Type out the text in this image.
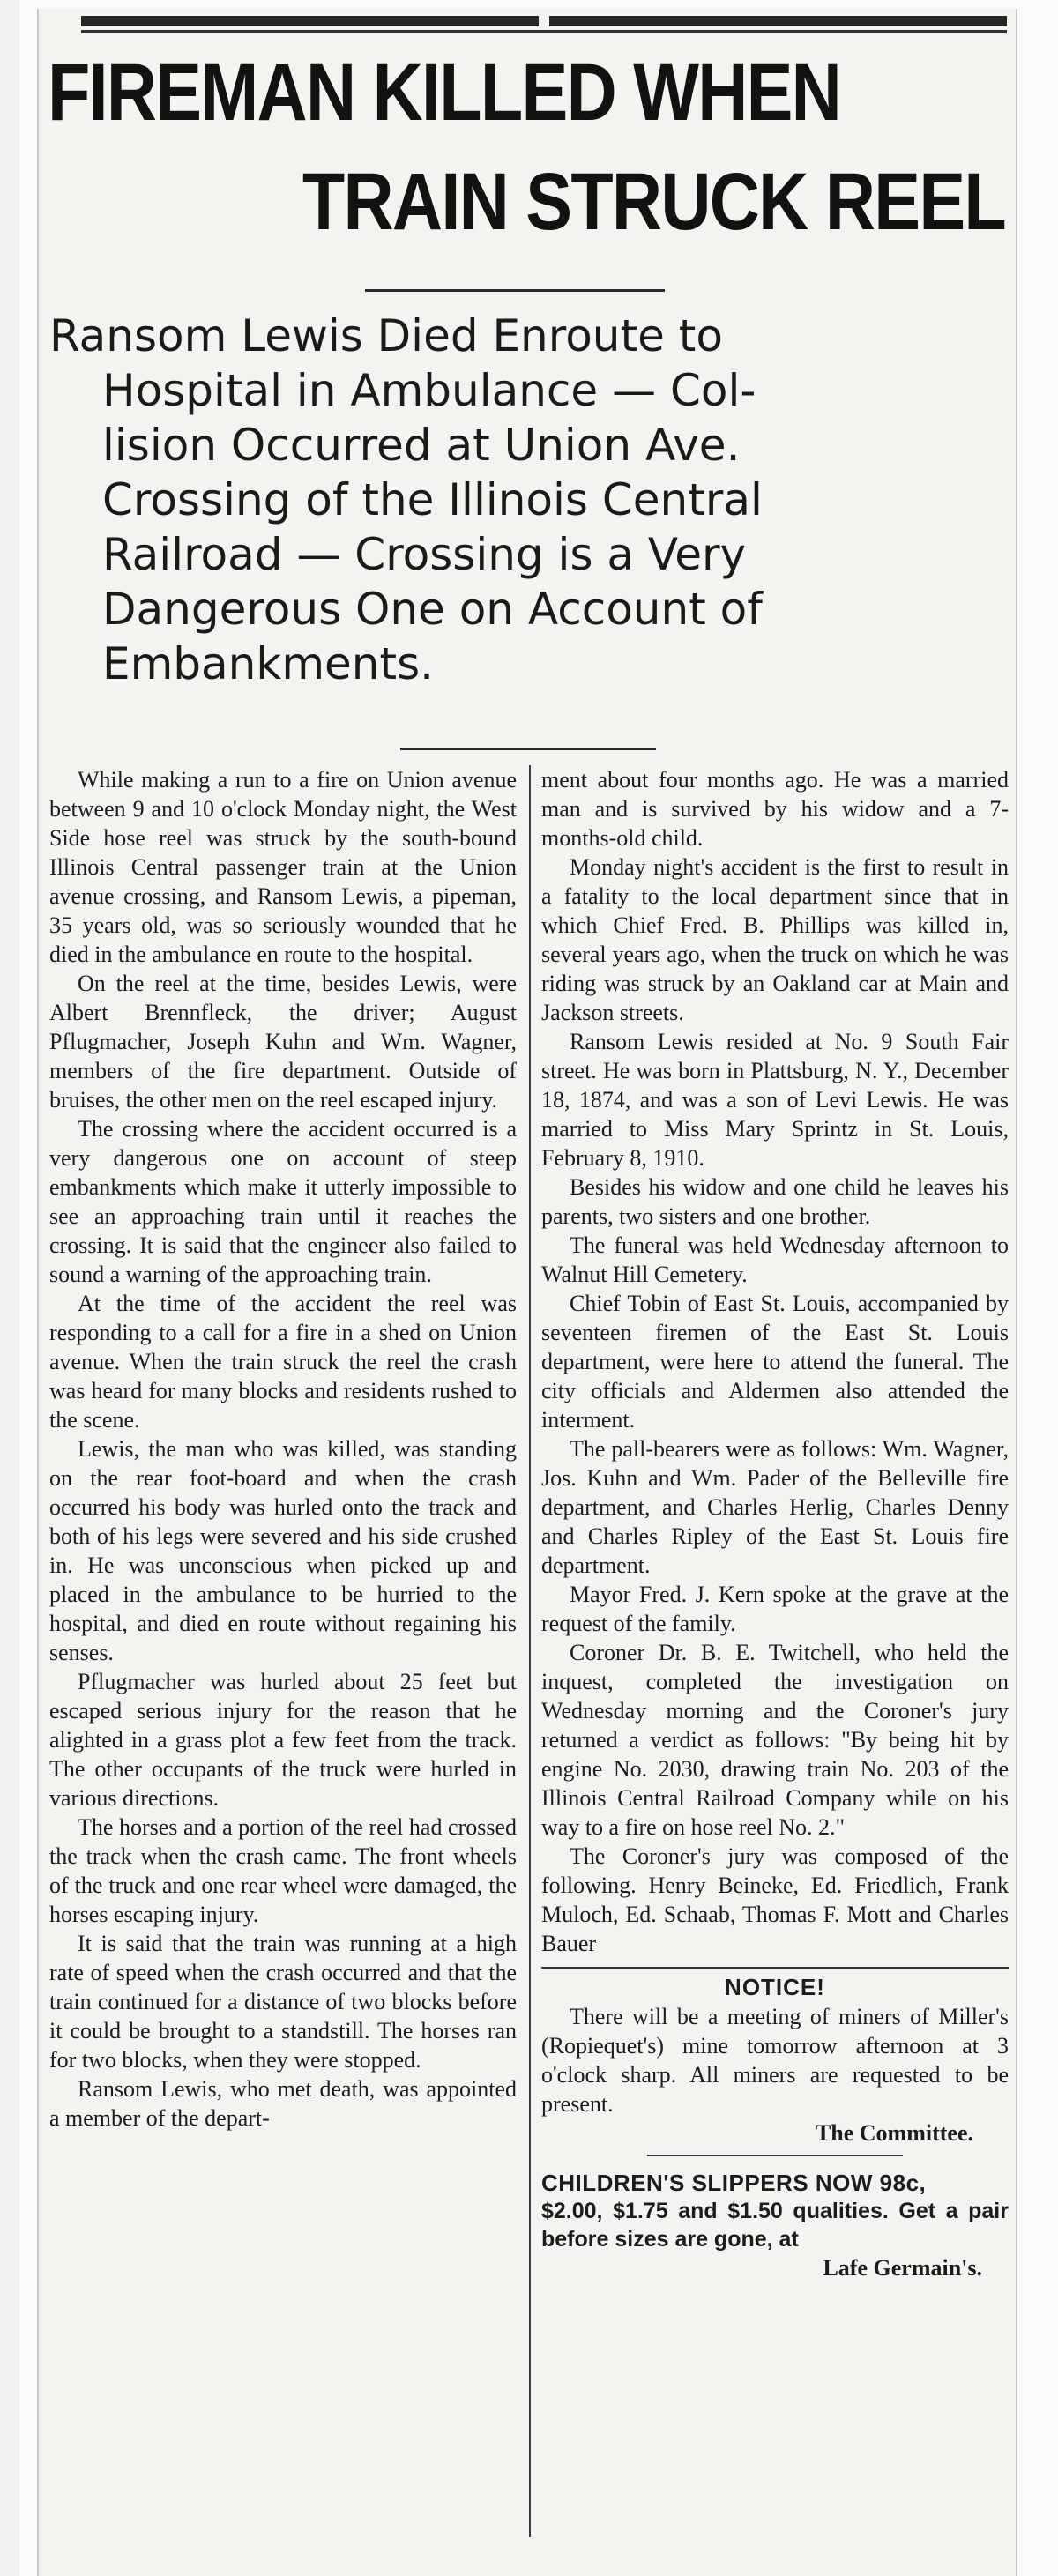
FIREMAN KILLED WHEN
TRAIN STRUCK REEL
Ransom Lewis Died Enroute to
Hospital in Ambulance — Col-
lision Occurred at Union Ave.
Crossing of the Illinois Central
Railroad — Crossing is a Very
Dangerous One on Account of
Embankments.

While making a run to a fire on Union avenue between 9 and 10 o'clock Monday night, the West Side hose reel was struck by the south-bound Illinois Central passenger train at the Union avenue crossing, and Ransom Lewis, a pipeman, 35 years old, was so seriously wounded that he died in the ambulance en route to the hospital.

On the reel at the time, besides Lewis, were Albert Brennfleck, the driver; August Pflugmacher, Joseph Kuhn and Wm. Wagner, members of the fire department. Outside of bruises, the other men on the reel escaped injury.

The crossing where the accident occurred is a very dangerous one on account of steep embankments which make it utterly impossible to see an approaching train until it reaches the crossing. It is said that the engineer also failed to sound a warning of the approaching train.

At the time of the accident the reel was responding to a call for a fire in a shed on Union avenue. When the train struck the reel the crash was heard for many blocks and residents rushed to the scene.

Lewis, the man who was killed, was standing on the rear foot-board and when the crash occurred his body was hurled onto the track and both of his legs were severed and his side crushed in. He was unconscious when picked up and placed in the ambulance to be hurried to the hospital, and died en route without regaining his senses.

Pflugmacher was hurled about 25 feet but escaped serious injury for the reason that he alighted in a grass plot a few feet from the track. The other occupants of the truck were hurled in various directions.

The horses and a portion of the reel had crossed the track when the crash came. The front wheels of the truck and one rear wheel were damaged, the horses escaping injury.

It is said that the train was running at a high rate of speed when the crash occurred and that the train continued for a distance of two blocks before it could be brought to a standstill. The horses ran for two blocks, when they were stopped.

Ransom Lewis, who met death, was appointed a member of the depart-

ment about four months ago. He was a married man and is survived by his widow and a 7-months-old child.

Monday night's accident is the first to result in a fatality to the local department since that in which Chief Fred. B. Phillips was killed in, several years ago, when the truck on which he was riding was struck by an Oakland car at Main and Jackson streets.

Ransom Lewis resided at No. 9 South Fair street. He was born in Plattsburg, N. Y., December 18, 1874, and was a son of Levi Lewis. He was married to Miss Mary Sprintz in St. Louis, February 8, 1910.

Besides his widow and one child he leaves his parents, two sisters and one brother.

The funeral was held Wednesday afternoon to Walnut Hill Cemetery.

Chief Tobin of East St. Louis, accompanied by seventeen firemen of the East St. Louis department, were here to attend the funeral. The city officials and Aldermen also attended the interment.

The pall-bearers were as follows: Wm. Wagner, Jos. Kuhn and Wm. Pader of the Belleville fire department, and Charles Herlig, Charles Denny and Charles Ripley of the East St. Louis fire department.

Mayor Fred. J. Kern spoke at the grave at the request of the family.

Coroner Dr. B. E. Twitchell, who held the inquest, completed the investigation on Wednesday morning and the Coroner's jury returned a verdict as follows: "By being hit by engine No. 2030, drawing train No. 203 of the Illinois Central Railroad Company while on his way to a fire on hose reel No. 2."

The Coroner's jury was composed of the following. Henry Beineke, Ed. Friedlich, Frank Muloch, Ed. Schaab, Thomas F. Mott and Charles Bauer

NOTICE!

There will be a meeting of miners of Miller's (Ropiequet's) mine tomorrow afternoon at 3 o'clock sharp. All miners are requested to be present.

The Committee.
CHILDREN'S SLIPPERS NOW 98c,
$2.00, $1.75 and $1.50 qualities. Get a pair before sizes are gone, at
Lafe Germain's.
